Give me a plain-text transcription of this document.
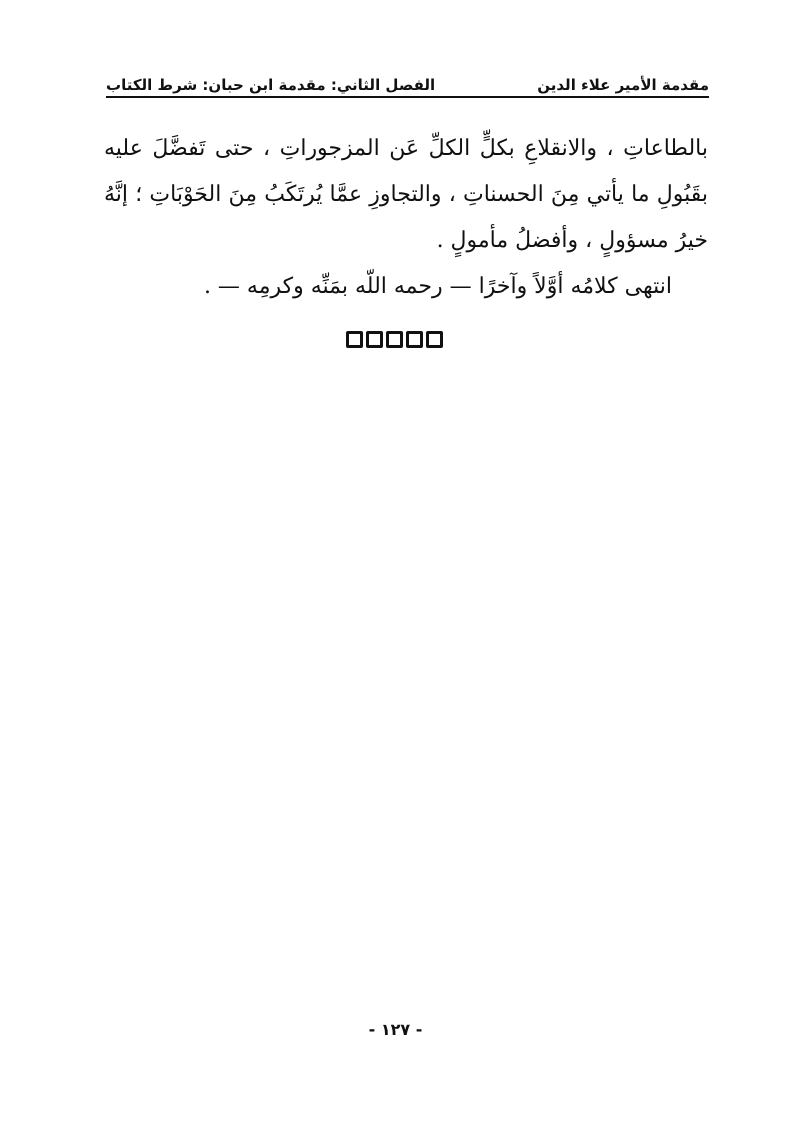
الفصل الثاني: مقدمة ابن حبان: شرط الكتاب	مقدمة الأمير علاء الدين

بالطاعاتِ ، والانقلاعِ بكلٍّ الكلِّ عَن المزجوراتِ ، حتى تَفضَّلَ عليه بقَبُولِ ما يأتي مِنَ الحسناتِ ، والتجاوزِ عمَّا يُرتَكَبُ مِنَ الحَوْبَاتِ ؛ إنَّهُ خيرُ مسؤولٍ ، وأفضلُ مأمولٍ .

انتهى كلامُه أوَّلاً وآخرًا — رحمه اللّه بمَنِّه وكرمِه — .

- ١٢٧ -
